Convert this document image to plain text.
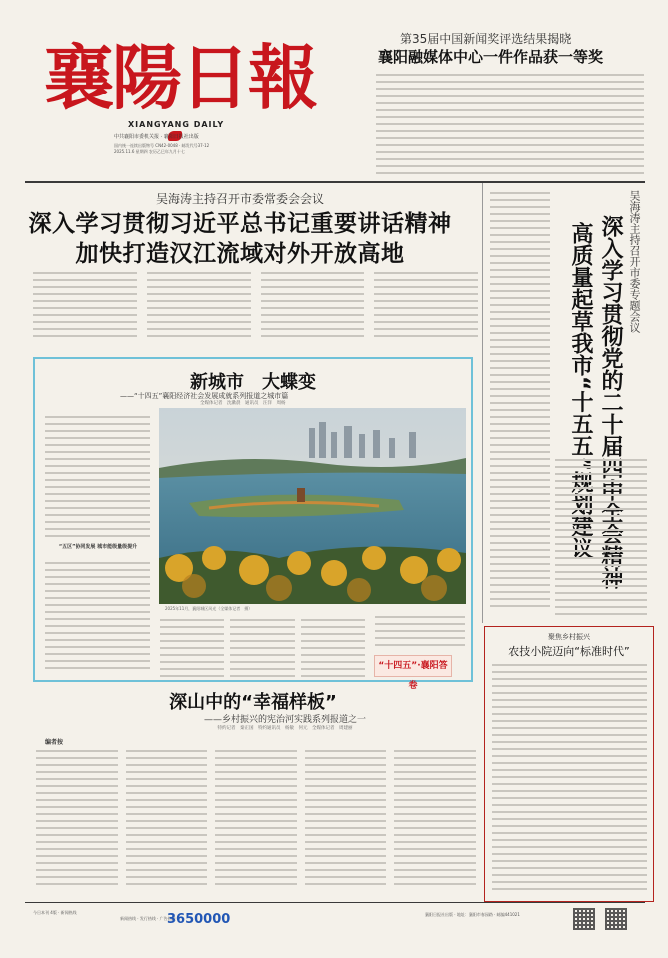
襄陽日報
XIANGYANG DAILY
中共襄阳市委机关报 · 襄阳日报社出版
国内统一连续出版物号 CN42-0048 · 邮发代号37-12
2025.11.6 星期四 农历乙巳年九月十七
第35届中国新闻奖评选结果揭晓
襄阳融媒体中心一件作品获一等奖
吴海涛主持召开市委常委会会议
深入学习贯彻习近平总书记重要讲话精神
加快打造汉江流域对外开放高地	吴海涛主持召开市委专题会议
深入学习贯彻党的二十届四中全会精神
高质量起草我市“十五五”规划建议
新城市　大蝶变
——“十四五”襄阳经济社会发展成就系列报道之城市篇
全媒体记者　沈漱晨　通讯员　汪洋　周杨
“五区”协同发展 城市能级量级提升
2025年11月，襄阳城区风光（全媒体记者　摄）
“十四五”·襄阳答卷
深山中的“幸福样板”
——乡村振兴的宪治河实践系列报道之一
特约记者　秦正国　特约通讯员　杨敏　何元　全媒体记者　周建丽
编者按
聚焦乡村振兴
农技小院迈向“标准时代”
今日本刊 4版 · 新闻热线
新闻热线 · 发行热线 · 广告热线
3650000	襄阳日报社出版 · 地址：襄阳市春园路 · 邮编441021
